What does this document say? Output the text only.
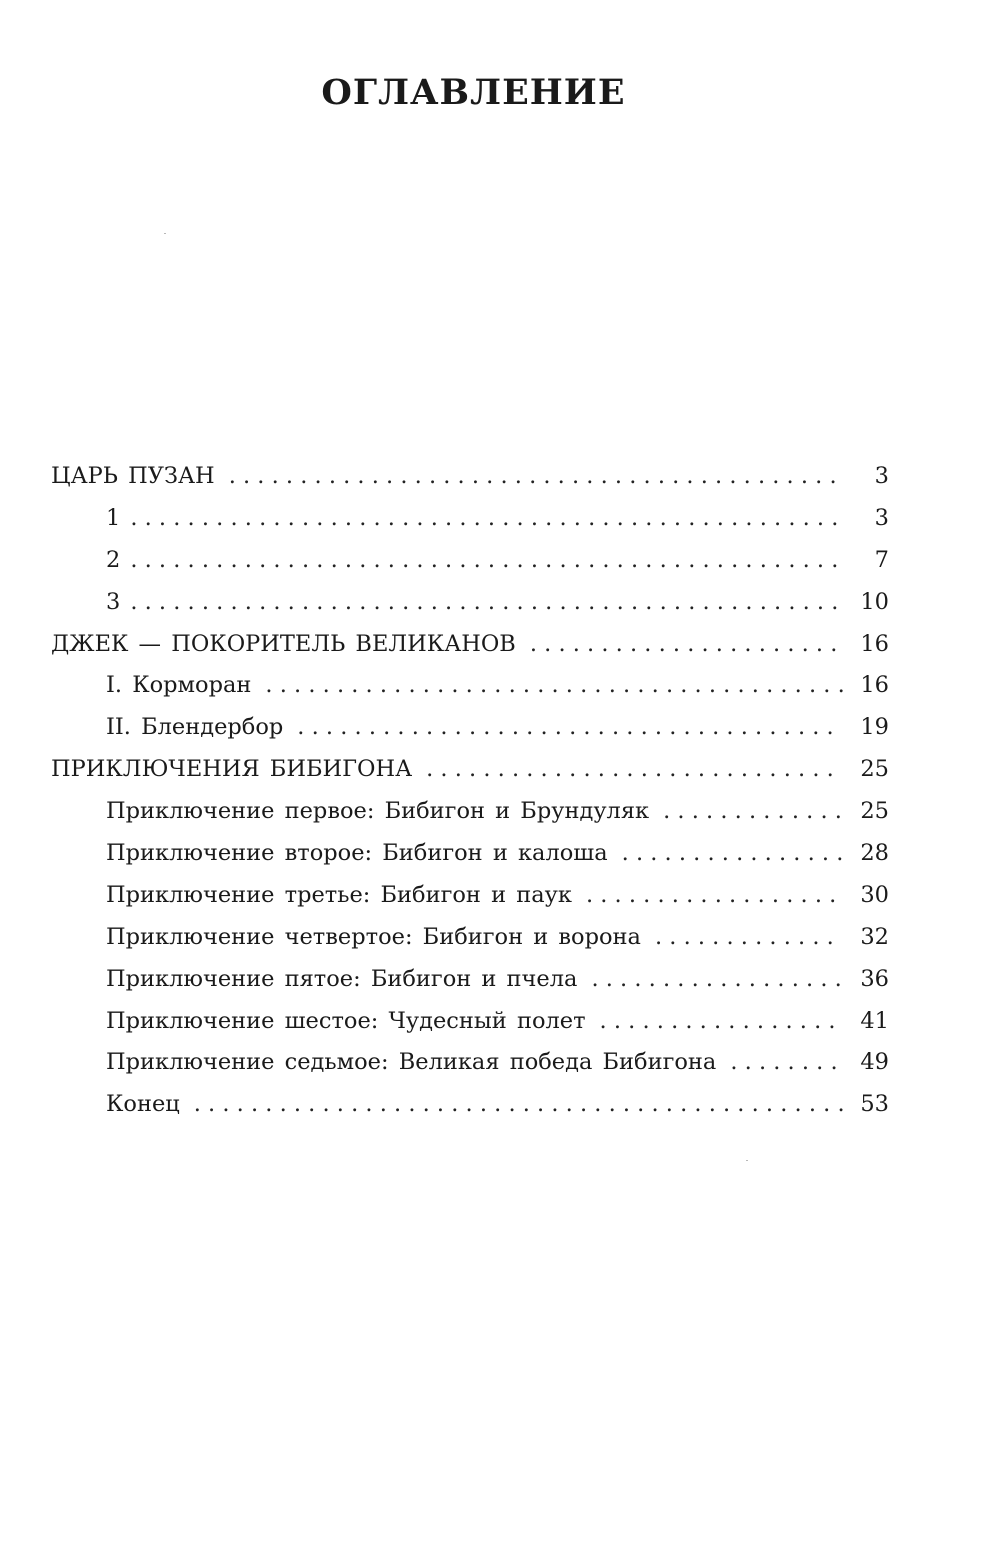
ОГЛАВЛЕНИЕ
ЦАРЬ ПУЗАН . . .	3
1 . . .	3
2 . . .	7
3 . . .	10
ДЖЕК — ПОКОРИТЕЛЬ ВЕЛИКАНОВ . . .	16
I. Корморан . . .	16
II. Блендербор . . .	19
ПРИКЛЮЧЕНИЯ БИБИГОНА . . .	25
Приключение первое: Бибигон и Брундуляк . . .	25
Приключение второе: Бибигон и калоша . . .	28
Приключение третье: Бибигон и паук . . .	30
Приключение четвертое: Бибигон и ворона . . .	32
Приключение пятое: Бибигон и пчела . . .	36
Приключение шестое: Чудесный полет . . .	41
Приключение седьмое: Великая победа Бибигона . . .	49
Конец . . .	53
